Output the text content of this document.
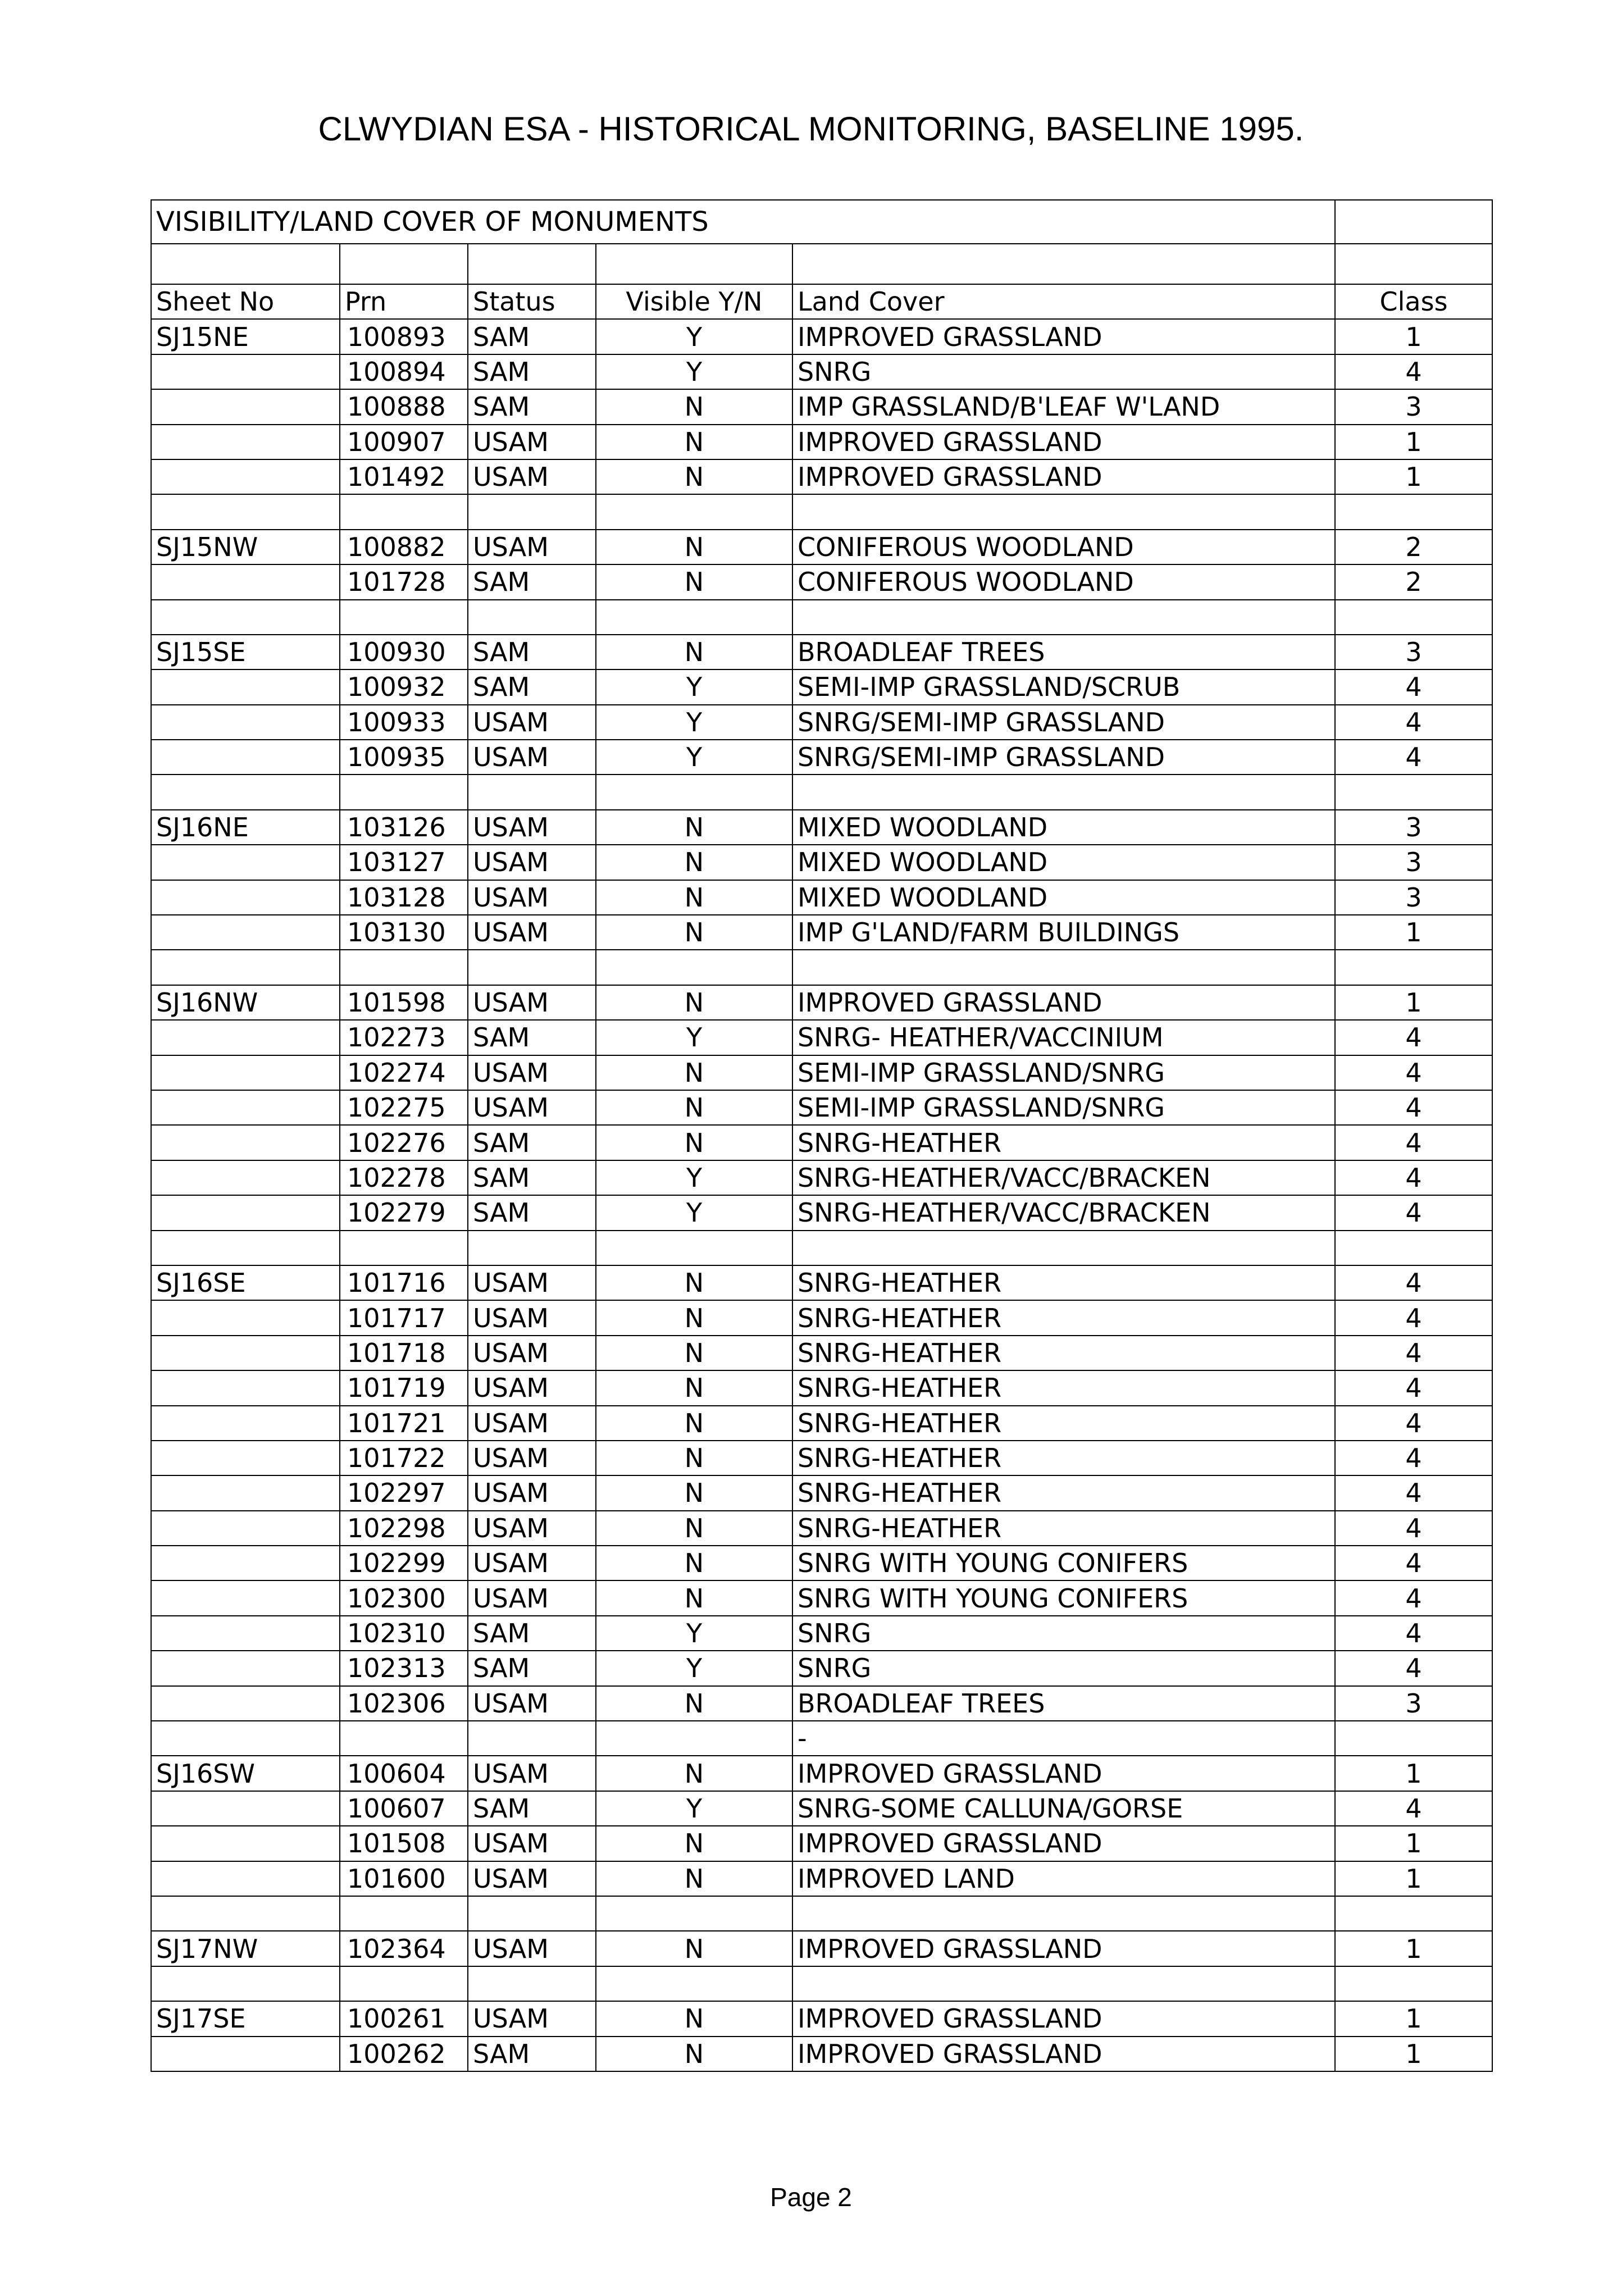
CLWYDIAN ESA - HISTORICAL MONITORING, BASELINE 1995.
VISIBILITY/LAND COVER OF MONUMENTS					

Sheet No	Prn	Status	Visible Y/N	Land Cover	Class
SJ15NE	100893	SAM	Y	IMPROVED GRASSLAND	1
	100894	SAM	Y	SNRG	4
	100888	SAM	N	IMP GRASSLAND/B'LEAF W'LAND	3
	100907	USAM	N	IMPROVED GRASSLAND	1
	101492	USAM	N	IMPROVED GRASSLAND	1

SJ15NW	100882	USAM	N	CONIFEROUS WOODLAND	2
	101728	SAM	N	CONIFEROUS WOODLAND	2

SJ15SE	100930	SAM	N	BROADLEAF TREES	3
	100932	SAM	Y	SEMI-IMP GRASSLAND/SCRUB	4
	100933	USAM	Y	SNRG/SEMI-IMP GRASSLAND	4
	100935	USAM	Y	SNRG/SEMI-IMP GRASSLAND	4

SJ16NE	103126	USAM	N	MIXED WOODLAND	3
	103127	USAM	N	MIXED WOODLAND	3
	103128	USAM	N	MIXED WOODLAND	3
	103130	USAM	N	IMP G'LAND/FARM BUILDINGS	1

SJ16NW	101598	USAM	N	IMPROVED GRASSLAND	1
	102273	SAM	Y	SNRG- HEATHER/VACCINIUM	4
	102274	USAM	N	SEMI-IMP GRASSLAND/SNRG	4
	102275	USAM	N	SEMI-IMP GRASSLAND/SNRG	4
	102276	SAM	N	SNRG-HEATHER	4
	102278	SAM	Y	SNRG-HEATHER/VACC/BRACKEN	4
	102279	SAM	Y	SNRG-HEATHER/VACC/BRACKEN	4

SJ16SE	101716	USAM	N	SNRG-HEATHER	4
	101717	USAM	N	SNRG-HEATHER	4
	101718	USAM	N	SNRG-HEATHER	4
	101719	USAM	N	SNRG-HEATHER	4
	101721	USAM	N	SNRG-HEATHER	4
	101722	USAM	N	SNRG-HEATHER	4
	102297	USAM	N	SNRG-HEATHER	4
	102298	USAM	N	SNRG-HEATHER	4
	102299	USAM	N	SNRG WITH YOUNG CONIFERS	4
	102300	USAM	N	SNRG WITH YOUNG CONIFERS	4
	102310	SAM	Y	SNRG	4
	102313	SAM	Y	SNRG	4
	102306	USAM	N	BROADLEAF TREES	3
				-	
SJ16SW	100604	USAM	N	IMPROVED GRASSLAND	1
	100607	SAM	Y	SNRG-SOME CALLUNA/GORSE	4
	101508	USAM	N	IMPROVED GRASSLAND	1
	101600	USAM	N	IMPROVED LAND	1

SJ17NW	102364	USAM	N	IMPROVED GRASSLAND	1

SJ17SE	100261	USAM	N	IMPROVED GRASSLAND	1
	100262	SAM	N	IMPROVED GRASSLAND	1
Page 2
